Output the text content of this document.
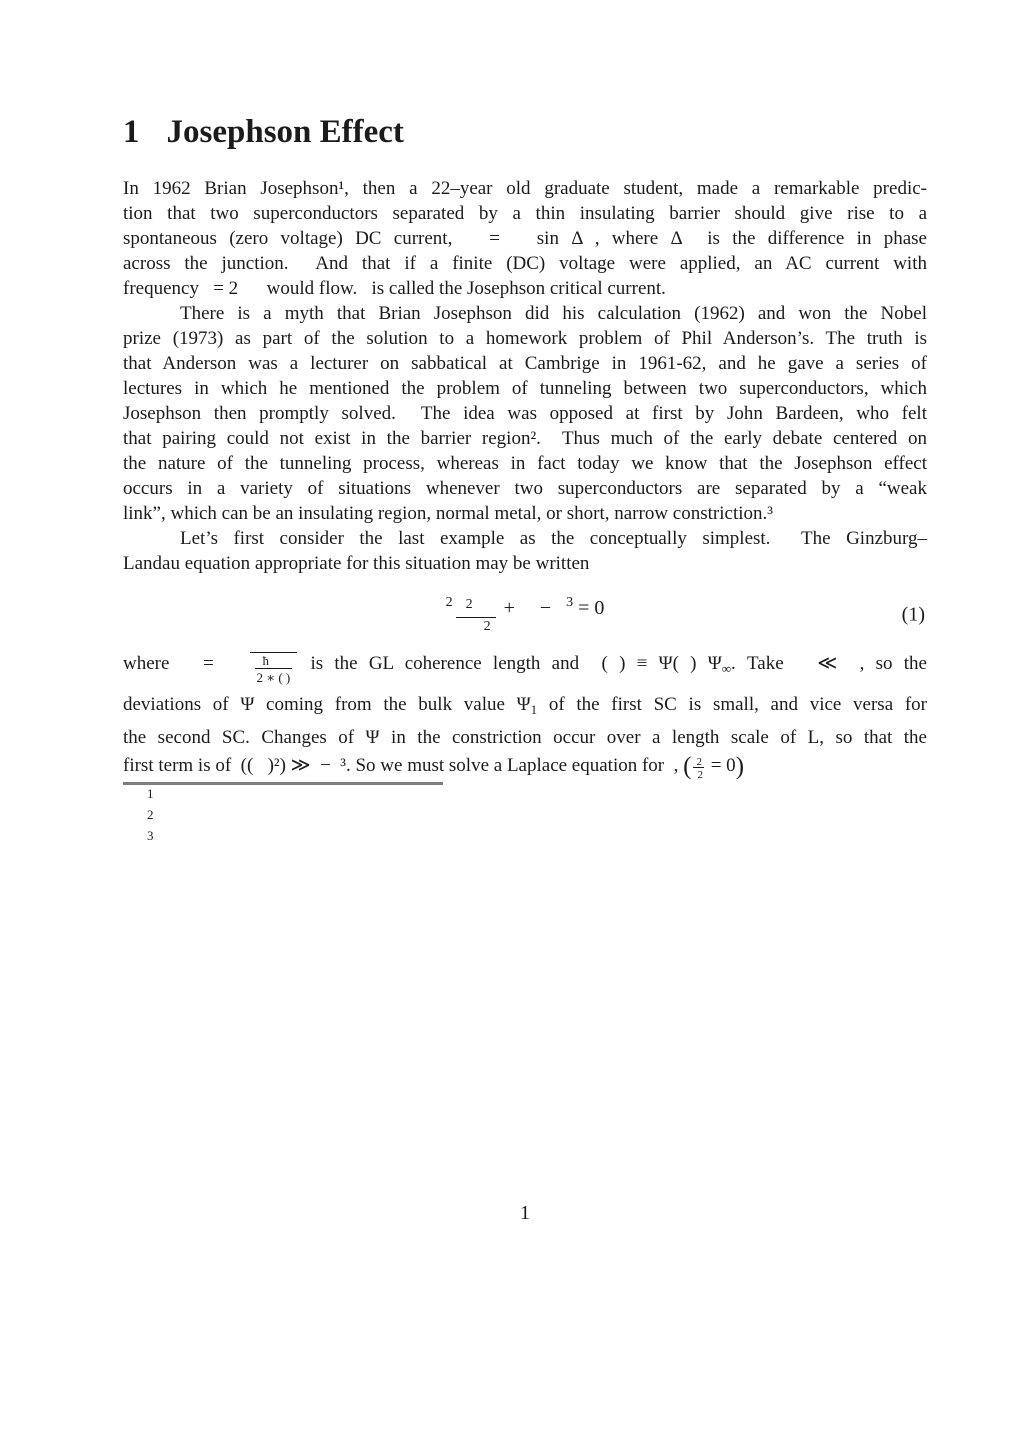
1 Josephson Effect
In 1962 Brian Josephson¹, then a 22–year old graduate student, made a remarkable predic-
tion that two superconductors separated by a thin insulating barrier should give rise to a
spontaneous (zero voltage) DC current,   =   sin Δ , where Δ  is the difference in phase
across the junction.  And that if a finite (DC) voltage were applied, an AC current with
frequency   = 2      would flow.   is called the Josephson critical current.
There is a myth that Brian Josephson did his calculation (1962) and won the Nobel
prize (1973) as part of the solution to a homework problem of Phil Anderson’s. The truth is
that Anderson was a lecturer on sabbatical at Cambrige in 1961-62, and he gave a series of
lectures in which he mentioned the problem of tunneling between two superconductors, which
Josephson then promptly solved.  The idea was opposed at first by John Bardeen, who felt
that pairing could not exist in the barrier region².  Thus much of the early debate centered on
the nature of the tunneling process, whereas in fact today we know that the Josephson effect
occurs in a variety of situations whenever two superconductors are separated by a “weak
link”, which can be an insulating region, normal metal, or short, narrow constriction.³
Let’s first consider the last example as the conceptually simplest.  The Ginzburg–
Landau equation appropriate for this situation may be written
$^2 \frac{2}{2}$ +     −   $^3$ = 0	(1)
where   = $\frac{ħ}{2 ∗ ( )}$ is the GL coherence length and  ( ) ≡ Ψ( ) $\Psi_\infty$. Take   ≪  , so the
deviations of Ψ coming from the bulk value $\Psi_1$ of the first SC is small, and vice versa for
the second SC. Changes of Ψ in the constriction occur over a length scale of L, so that the
first term is of  ((   )²) ≫  −  ³. So we must solve a Laplace equation for  , ( $\frac{2}{2} = 0$)
$^1$
$^2$
$^3$
1
